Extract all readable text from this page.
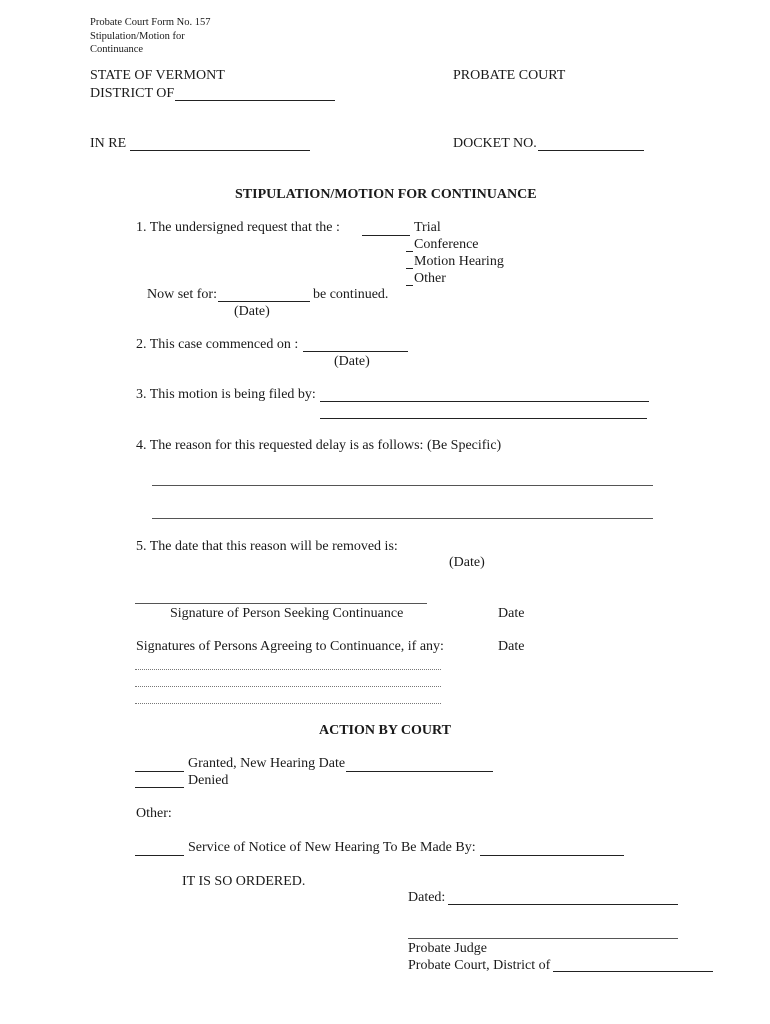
Probate Court Form No. 157
Stipulation/Motion for
Continuance
STATE OF VERMONT
DISTRICT OF
PROBATE COURT
IN RE	DOCKET NO.
STIPULATION/MOTION FOR CONTINUANCE
1. The undersigned request that the :	Trial
Conference
Motion Hearing
Other
Now set for:	be continued.
(Date)
2. This case commenced on :
(Date)
3. This motion is being filed by:
4. The reason for this requested delay is as follows: (Be Specific)
5. The date that this reason will be removed is:
(Date)
Signature of Person Seeking Continuance	Date
Signatures of Persons Agreeing to Continuance, if any:	Date
ACTION BY COURT
Granted, New Hearing Date
Denied
Other:
Service of Notice of New Hearing To Be Made By:
IT IS SO ORDERED.
Dated:
Probate Judge
Probate Court, District of
